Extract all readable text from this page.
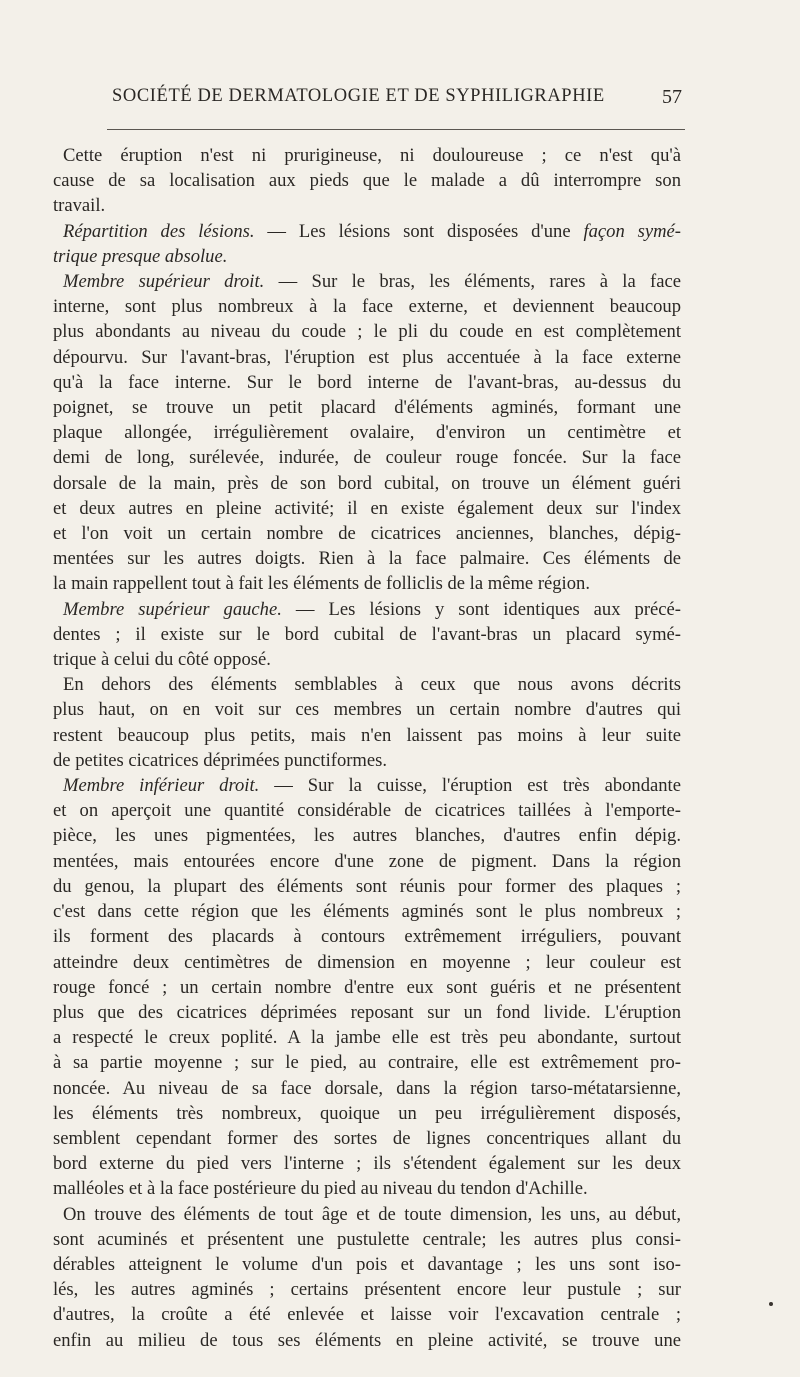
SOCIÉTÉ DE DERMATOLOGIE ET DE SYPHILIGRAPHIE	57
Cette éruption n'est ni prurigineuse, ni douloureuse ; ce n'est qu'à
cause de sa localisation aux pieds que le malade a dû interrompre son
travail.
Répartition des lésions. — Les lésions sont disposées d'une façon symé-
trique presque absolue.
Membre supérieur droit. — Sur le bras, les éléments, rares à la face
interne, sont plus nombreux à la face externe, et deviennent beaucoup
plus abondants au niveau du coude ; le pli du coude en est complètement
dépourvu. Sur l'avant-bras, l'éruption est plus accentuée à la face externe
qu'à la face interne. Sur le bord interne de l'avant-bras, au-dessus du
poignet, se trouve un petit placard d'éléments agminés, formant une
plaque allongée, irrégulièrement ovalaire, d'environ un centimètre et
demi de long, surélevée, indurée, de couleur rouge foncée. Sur la face
dorsale de la main, près de son bord cubital, on trouve un élément guéri
et deux autres en pleine activité; il en existe également deux sur l'index
et l'on voit un certain nombre de cicatrices anciennes, blanches, dépig-
mentées sur les autres doigts. Rien à la face palmaire. Ces éléments de
la main rappellent tout à fait les éléments de folliclis de la même région.
Membre supérieur gauche. — Les lésions y sont identiques aux précé-
dentes ; il existe sur le bord cubital de l'avant-bras un placard symé-
trique à celui du côté opposé.
En dehors des éléments semblables à ceux que nous avons décrits
plus haut, on en voit sur ces membres un certain nombre d'autres qui
restent beaucoup plus petits, mais n'en laissent pas moins à leur suite
de petites cicatrices déprimées punctiformes.
Membre inférieur droit. — Sur la cuisse, l'éruption est très abondante
et on aperçoit une quantité considérable de cicatrices taillées à l'emporte-
pièce, les unes pigmentées, les autres blanches, d'autres enfin dépig.
mentées, mais entourées encore d'une zone de pigment. Dans la région
du genou, la plupart des éléments sont réunis pour former des plaques ;
c'est dans cette région que les éléments agminés sont le plus nombreux ;
ils forment des placards à contours extrêmement irréguliers, pouvant
atteindre deux centimètres de dimension en moyenne ; leur couleur est
rouge foncé ; un certain nombre d'entre eux sont guéris et ne présentent
plus que des cicatrices déprimées reposant sur un fond livide. L'éruption
a respecté le creux poplité. A la jambe elle est très peu abondante, surtout
à sa partie moyenne ; sur le pied, au contraire, elle est extrêmement pro-
noncée. Au niveau de sa face dorsale, dans la région tarso-métatarsienne,
les éléments très nombreux, quoique un peu irrégulièrement disposés,
semblent cependant former des sortes de lignes concentriques allant du
bord externe du pied vers l'interne ; ils s'étendent également sur les deux
malléoles et à la face postérieure du pied au niveau du tendon d'Achille.
On trouve des éléments de tout âge et de toute dimension, les uns, au début,
sont acuminés et présentent une pustulette centrale; les autres plus consi-
dérables atteignent le volume d'un pois et davantage ; les uns sont iso-
lés, les autres agminés ; certains présentent encore leur pustule ; sur
d'autres, la croûte a été enlevée et laisse voir l'excavation centrale ;
enfin au milieu de tous ses éléments en pleine activité, se trouve une
